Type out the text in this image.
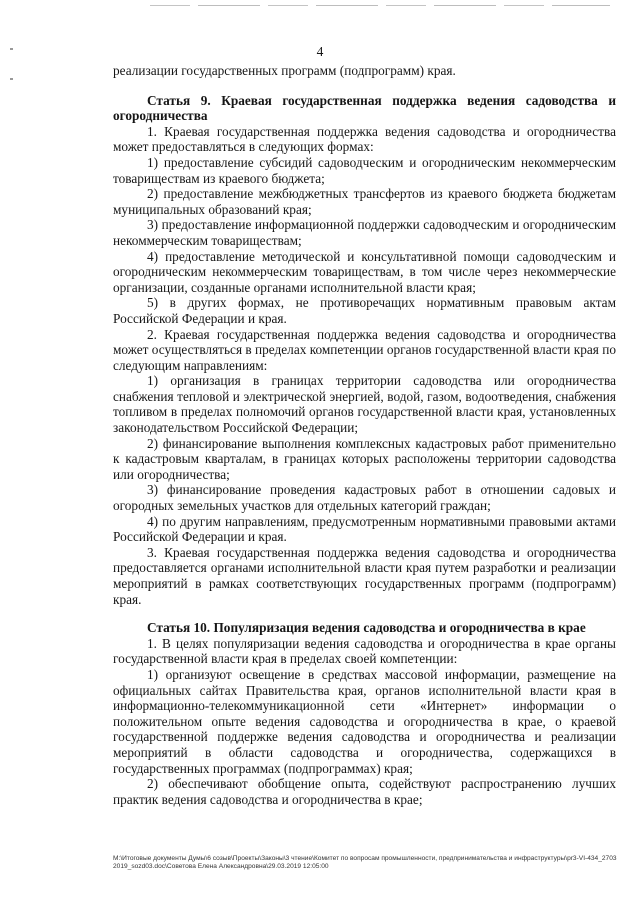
4

реализации государственных программ (подпрограмм) края.

Статья 9. Краевая государственная поддержка ведения садоводства и огородничества

1. Краевая государственная поддержка ведения садоводства и огородничества может предоставляться в следующих формах:

1) предоставление субсидий садоводческим и огородническим некоммерческим товариществам из краевого бюджета;

2) предоставление межбюджетных трансфертов из краевого бюджета бюджетам муниципальных образований края;

3) предоставление информационной поддержки садоводческим и огородническим некоммерческим товариществам;

4) предоставление методической и консультативной помощи садоводческим и огородническим некоммерческим товариществам, в том числе через некоммерческие организации, созданные органами исполнительной власти края;

5) в других формах, не противоречащих нормативным правовым актам Российской Федерации и края.

2. Краевая государственная поддержка ведения садоводства и огородничества может осуществляться в пределах компетенции органов государственной власти края по следующим направлениям:

1) организация в границах территории садоводства или огородничества снабжения тепловой и электрической энергией, водой, газом, водоотведения, снабжения топливом в пределах полномочий органов государственной власти края, установленных законодательством Российской Федерации;

2) финансирование выполнения комплексных кадастровых работ применительно к кадастровым кварталам, в границах которых расположены территории садоводства или огородничества;

3) финансирование проведения кадастровых работ в отношении садовых и огородных земельных участков для отдельных категорий граждан;

4) по другим направлениям, предусмотренным нормативными правовыми актами Российской Федерации и края.

3. Краевая государственная поддержка ведения садоводства и огородничества предоставляется органами исполнительной власти края путем разработки и реализации мероприятий в рамках соответствующих государственных программ (подпрограмм) края.

Статья 10. Популяризация ведения садоводства и огородничества в крае

1. В целях популяризации ведения садоводства и огородничества в крае органы государственной власти края в пределах своей компетенции:

1) организуют освещение в средствах массовой информации, размещение на официальных сайтах Правительства края, органов исполнительной власти края в информационно-телекоммуникационной сети «Интернет» информации о положительном опыте ведения садоводства и огородничества в крае, о краевой государственной поддержке ведения садоводства и огородничества и реализации мероприятий в области садоводства и огородничества, содержащихся в государственных программах (подпрограммах) края;

2) обеспечивают обобщение опыта, содействуют распространению лучших практик ведения садоводства и огородничества в крае;

М:\Итоговые документы Думы\6 созыв\Проекты\Законы\3 чтение\Комитет по вопросам промышленности, предпринимательства и инфраструктуры\pr3-VI-434_27032019_sozd03.doc\Советова Елена Александровна\29.03.2019 12:05:00
